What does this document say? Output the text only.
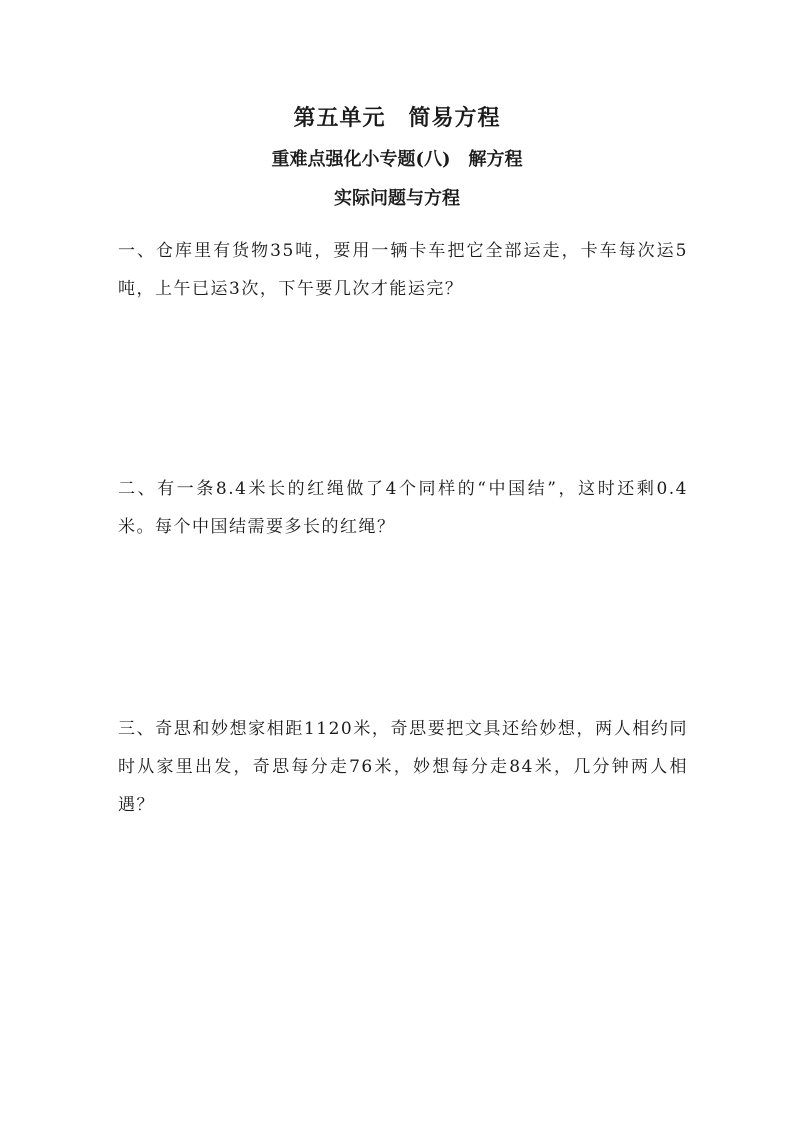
第五单元　简易方程
重难点强化小专题(八)　解方程
实际问题与方程
一、仓库里有货物35吨，要用一辆卡车把它全部运走，卡车每次运5吨，上午已运3次，下午要几次才能运完？
二、有一条8.4米长的红绳做了4个同样的“中国结”，这时还剩0.4米。每个中国结需要多长的红绳？
三、奇思和妙想家相距1120米，奇思要把文具还给妙想，两人相约同时从家里出发，奇思每分走76米，妙想每分走84米，几分钟两人相遇？
